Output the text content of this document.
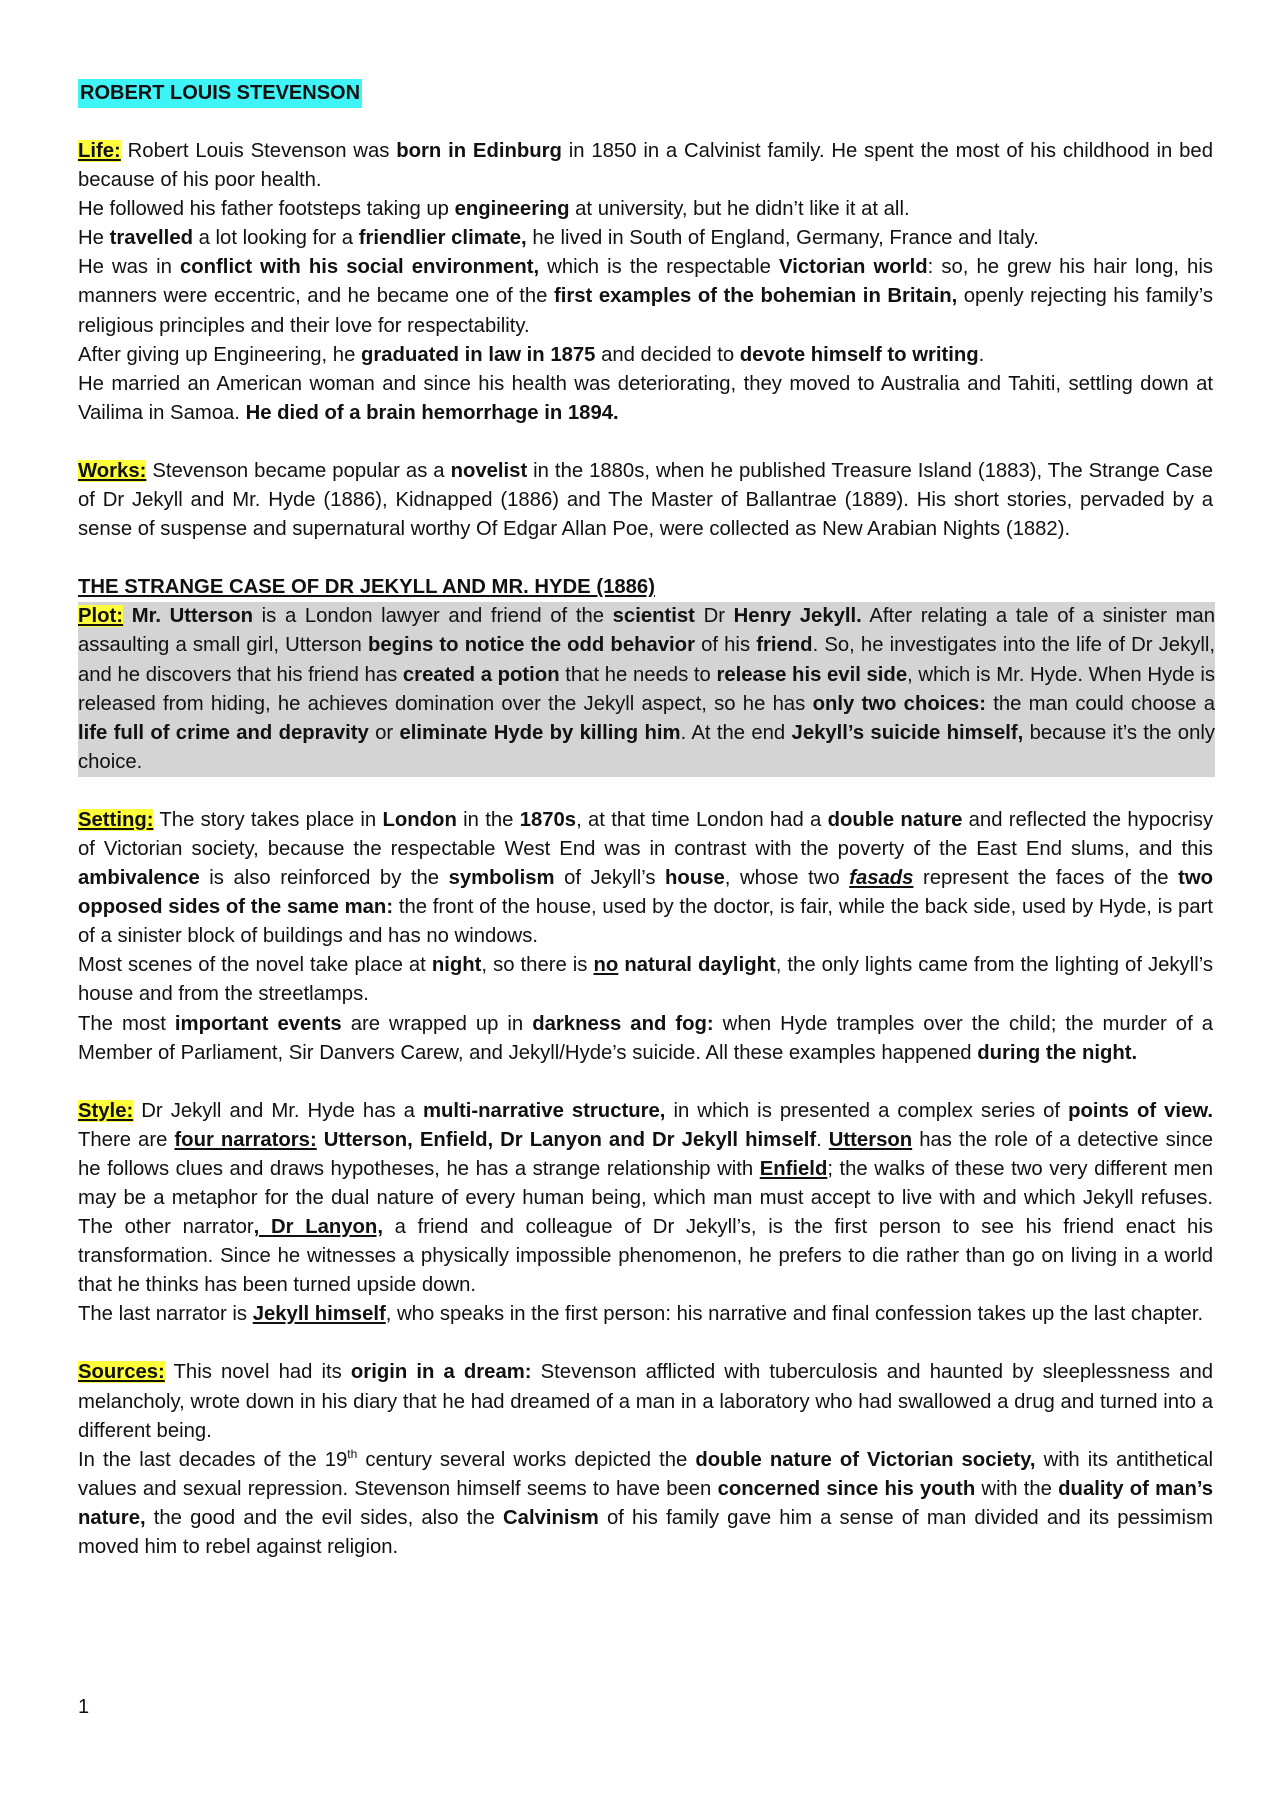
ROBERT LOUIS STEVENSON

Life: Robert Louis Stevenson was born in Edinburg in 1850 in a Calvinist family. He spent the most of his childhood in bed because of his poor health.

He followed his father footsteps taking up engineering at university, but he didn’t like it at all.

He travelled a lot looking for a friendlier climate, he lived in South of England, Germany, France and Italy.

He was in conflict with his social environment, which is the respectable Victorian world: so, he grew his hair long, his manners were eccentric, and he became one of the first examples of the bohemian in Britain, openly rejecting his family’s religious principles and their love for respectability.

After giving up Engineering, he graduated in law in 1875 and decided to devote himself to writing.

He married an American woman and since his health was deteriorating, they moved to Australia and Tahiti, settling down at Vailima in Samoa. He died of a brain hemorrhage in 1894.

Works: Stevenson became popular as a novelist in the 1880s, when he published Treasure Island (1883), The Strange Case of Dr Jekyll and Mr. Hyde (1886), Kidnapped (1886) and The Master of Ballantrae (1889). His short stories, pervaded by a sense of suspense and supernatural worthy Of Edgar Allan Poe, were collected as New Arabian Nights (1882).

THE STRANGE CASE OF DR JEKYLL AND MR. HYDE (1886)

Plot: Mr. Utterson is a London lawyer and friend of the scientist Dr Henry Jekyll. After relating a tale of a sinister man assaulting a small girl, Utterson begins to notice the odd behavior of his friend. So, he investigates into the life of Dr Jekyll, and he discovers that his friend has created a potion that he needs to release his evil side, which is Mr. Hyde. When Hyde is released from hiding, he achieves domination over the Jekyll aspect, so he has only two choices: the man could choose a life full of crime and depravity or eliminate Hyde by killing him. At the end Jekyll’s suicide himself, because it’s the only choice.

Setting: The story takes place in London in the 1870s, at that time London had a double nature and reflected the hypocrisy of Victorian society, because the respectable West End was in contrast with the poverty of the East End slums, and this ambivalence is also reinforced by the symbolism of Jekyll’s house, whose two fasads represent the faces of the two opposed sides of the same man: the front of the house, used by the doctor, is fair, while the back side, used by Hyde, is part of a sinister block of buildings and has no windows.

Most scenes of the novel take place at night, so there is no natural daylight, the only lights came from the lighting of Jekyll’s house and from the streetlamps.

The most important events are wrapped up in darkness and fog: when Hyde tramples over the child; the murder of a Member of Parliament, Sir Danvers Carew, and Jekyll/Hyde’s suicide. All these examples happened during the night.

Style: Dr Jekyll and Mr. Hyde has a multi-narrative structure, in which is presented a complex series of points of view. There are four narrators: Utterson, Enfield, Dr Lanyon and Dr Jekyll himself. Utterson has the role of a detective since he follows clues and draws hypotheses, he has a strange relationship with Enfield; the walks of these two very different men may be a metaphor for the dual nature of every human being, which man must accept to live with and which Jekyll refuses. The other narrator, Dr Lanyon, a friend and colleague of Dr Jekyll’s, is the first person to see his friend enact his transformation. Since he witnesses a physically impossible phenomenon, he prefers to die rather than go on living in a world that he thinks has been turned upside down.

The last narrator is Jekyll himself, who speaks in the first person: his narrative and final confession takes up the last chapter.

Sources: This novel had its origin in a dream: Stevenson afflicted with tuberculosis and haunted by sleeplessness and melancholy, wrote down in his diary that he had dreamed of a man in a laboratory who had swallowed a drug and turned into a different being.

In the last decades of the 19th century several works depicted the double nature of Victorian society, with its antithetical values and sexual repression. Stevenson himself seems to have been concerned since his youth with the duality of man’s nature, the good and the evil sides, also the Calvinism of his family gave him a sense of man divided and its pessimism moved him to rebel against religion.

1
